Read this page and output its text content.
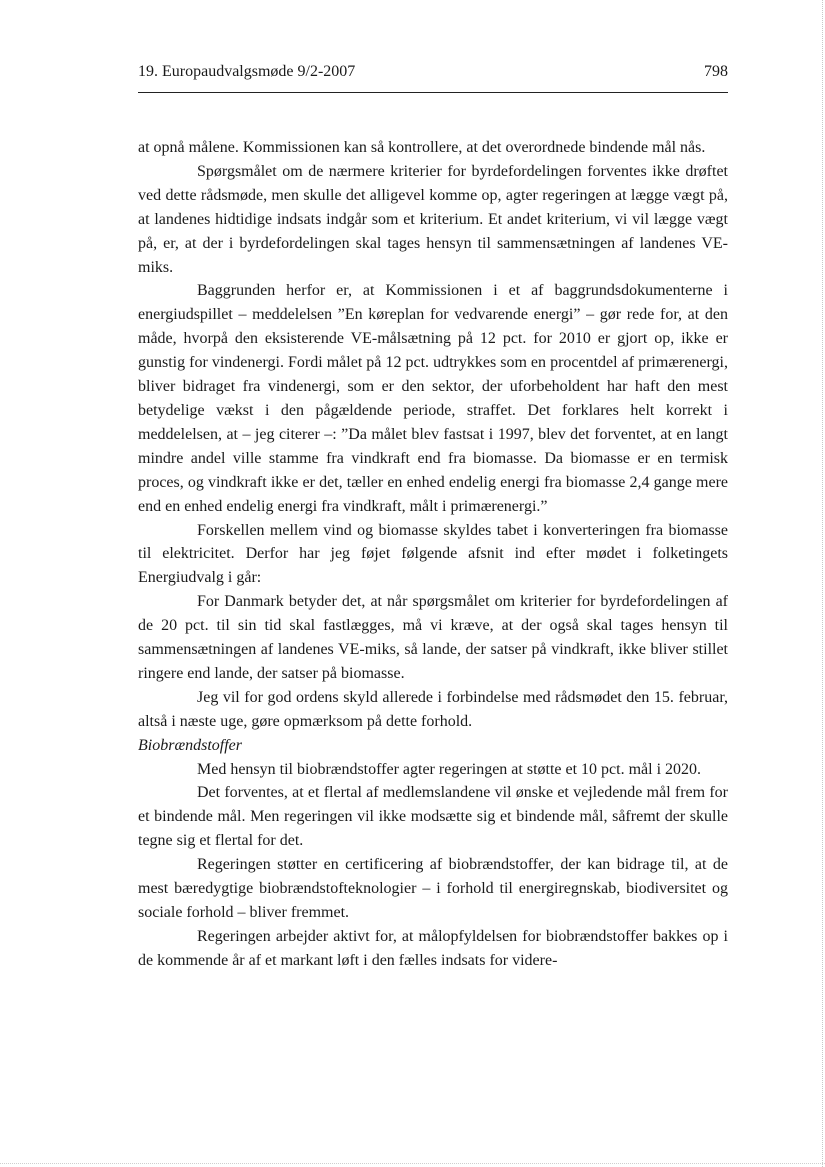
19. Europaudvalgsmøde 9/2-2007	798

at opnå målene. Kommissionen kan så kontrollere, at det overordnede bindende mål nås.

Spørgsmålet om de nærmere kriterier for byrdefordelingen forventes ikke drøftet ved dette rådsmøde, men skulle det alligevel komme op, agter regeringen at lægge vægt på, at landenes hidtidige indsats indgår som et kriterium. Et andet kriterium, vi vil lægge vægt på, er, at der i byrdefordelingen skal tages hensyn til sammensætningen af landenes VE-miks.

Baggrunden herfor er, at Kommissionen i et af baggrundsdokumenterne i energiudspillet – meddelelsen ”En køreplan for vedvarende energi” – gør rede for, at den måde, hvorpå den eksisterende VE-målsætning på 12 pct. for 2010 er gjort op, ikke er gunstig for vindenergi. Fordi målet på 12 pct. udtrykkes som en procentdel af primærenergi, bliver bidraget fra vindenergi, som er den sektor, der uforbeholdent har haft den mest betydelige vækst i den pågældende periode, straffet. Det forklares helt korrekt i meddelelsen, at – jeg citerer –: ”Da målet blev fastsat i 1997, blev det forventet, at en langt mindre andel ville stamme fra vindkraft end fra biomasse. Da biomasse er en termisk proces, og vindkraft ikke er det, tæller en enhed endelig energi fra biomasse 2,4 gange mere end en enhed endelig energi fra vindkraft, målt i primærenergi.”

Forskellen mellem vind og biomasse skyldes tabet i konverteringen fra biomasse til elektricitet. Derfor har jeg føjet følgende afsnit ind efter mødet i folketingets Energiudvalg i går:

For Danmark betyder det, at når spørgsmålet om kriterier for byrdefordelingen af de 20 pct. til sin tid skal fastlægges, må vi kræve, at der også skal tages hensyn til sammensætningen af landenes VE-miks, så lande, der satser på vindkraft, ikke bliver stillet ringere end lande, der satser på biomasse.

Jeg vil for god ordens skyld allerede i forbindelse med rådsmødet den 15. februar, altså i næste uge, gøre opmærksom på dette forhold.

Biobrændstoffer

Med hensyn til biobrændstoffer agter regeringen at støtte et 10 pct. mål i 2020.

Det forventes, at et flertal af medlemslandene vil ønske et vejledende mål frem for et bindende mål. Men regeringen vil ikke modsætte sig et bindende mål, såfremt der skulle tegne sig et flertal for det.

Regeringen støtter en certificering af biobrændstoffer, der kan bidrage til, at de mest bæredygtige biobrændstofteknologier – i forhold til energiregnskab, biodiversitet og sociale forhold – bliver fremmet.

Regeringen arbejder aktivt for, at målopfyldelsen for biobrændstoffer bakkes op i de kommende år af et markant løft i den fælles indsats for videre-
